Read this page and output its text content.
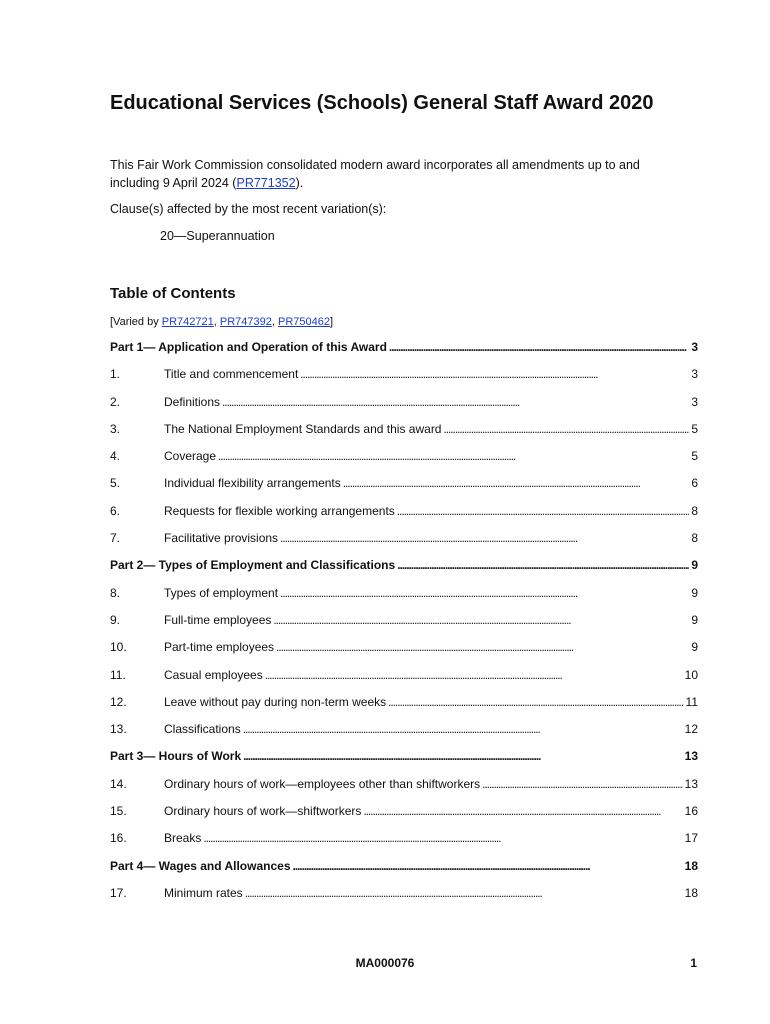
Educational Services (Schools) General Staff Award 2020

This Fair Work Commission consolidated modern award incorporates all amendments up to and including 9 April 2024 (PR771352).

Clause(s) affected by the most recent variation(s):

20—Superannuation

Table of Contents

[Varied by PR742721, PR747392, PR750462]

Part 1— Application and Operation of this Award . . .	3
1.	Title and commencement . . .	3
2.	Definitions . . .	3
3.	The National Employment Standards and this award . . .	5
4.	Coverage . . .	5
5.	Individual flexibility arrangements . . .	6
6.	Requests for flexible working arrangements . . .	8
7.	Facilitative provisions . . .	8
Part 2— Types of Employment and Classifications . . .	9
8.	Types of employment . . .	9
9.	Full-time employees . . .	9
10.	Part-time employees . . .	9
11.	Casual employees . . .	10
12.	Leave without pay during non-term weeks . . .	11
13.	Classifications . . .	12
Part 3— Hours of Work . . .	13
14.	Ordinary hours of work—employees other than shiftworkers . . .	13
15.	Ordinary hours of work—shiftworkers . . .	16
16.	Breaks . . .	17
Part 4— Wages and Allowances . . .	18
17.	Minimum rates . . .	18
MA000076	1
